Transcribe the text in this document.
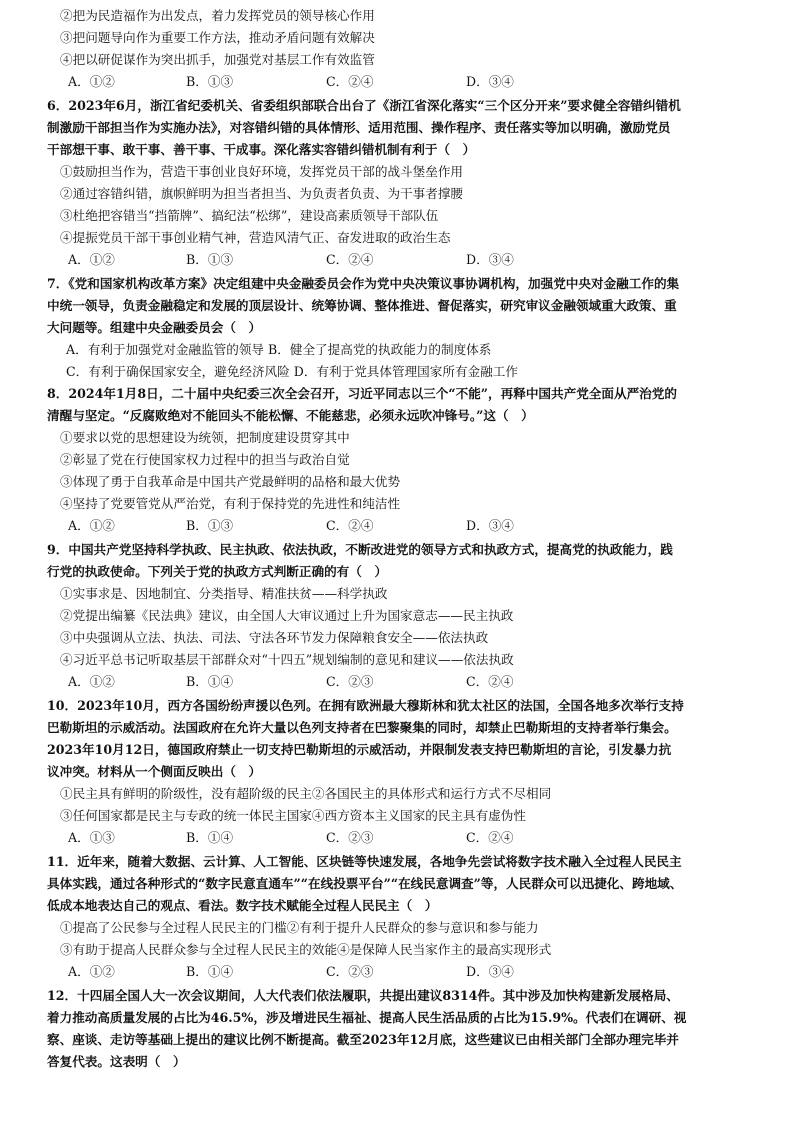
②把为民造福作为出发点，着力发挥党员的领导核心作用
③把问题导向作为重要工作方法，推动矛盾问题有效解决
④把以研促谋作为突出抓手，加强党对基层工作有效监管
A．①②	B．①③	C．②④	D．③④
6．2023年6月，浙江省纪委机关、省委组织部联合出台了《浙江省深化落实“三个区分开来”要求健全容错纠错机
制激励干部担当作为实施办法》，对容错纠错的具体情形、适用范围、操作程序、责任落实等加以明确，激励党员
干部想干事、敢干事、善干事、干成事。深化落实容错纠错机制有利于（　）
①鼓励担当作为，营造干事创业良好环境，发挥党员干部的战斗堡垒作用
②通过容错纠错，旗帜鲜明为担当者担当、为负责者负责、为干事者撑腰
③杜绝把容错当“挡箭牌”、搞纪法“松绑”，建设高素质领导干部队伍
④提振党员干部干事创业精气神，营造风清气正、奋发进取的政治生态
A．①②	B．①③	C．②④	D．③④
7．《党和国家机构改革方案》决定组建中央金融委员会作为党中央决策议事协调机构，加强党中央对金融工作的集
中统一领导，负责金融稳定和发展的顶层设计、统筹协调、整体推进、督促落实，研究审议金融领域重大政策、重
大问题等。组建中央金融委员会（　）
A．有利于加强党对金融监管的领导 B．健全了提高党的执政能力的制度体系
C．有利于确保国家安全，避免经济风险 D．有利于党具体管理国家所有金融工作
8．2024年1月8日，二十届中央纪委三次全会召开，习近平同志以三个“不能”，再释中国共产党全面从严治党的
清醒与坚定。“反腐败绝对不能回头不能松懈、不能慈悲，必须永远吹冲锋号。”这（　）
①要求以党的思想建设为统领，把制度建设贯穿其中
②彰显了党在行使国家权力过程中的担当与政治自觉
③体现了勇于自我革命是中国共产党最鲜明的品格和最大优势
④坚持了党要管党从严治党，有利于保持党的先进性和纯洁性
A．①②	B．①③	C．②④	D．③④
9．中国共产党坚持科学执政、民主执政、依法执政，不断改进党的领导方式和执政方式，提高党的执政能力，践
行党的执政使命。下列关于党的执政方式判断正确的有（　）
①实事求是、因地制宜、分类指导、精准扶贫——科学执政
②党提出编纂《民法典》建议，由全国人大审议通过上升为国家意志——民主执政
③中央强调从立法、执法、司法、守法各环节发力保障粮食安全——依法执政
④习近平总书记听取基层干部群众对“十四五”规划编制的意见和建议——依法执政
A．①②	B．①④	C．②③	C．②④
10．2023年10月，西方各国纷纷声援以色列。在拥有欧洲最大穆斯林和犹太社区的法国，全国各地多次举行支持
巴勒斯坦的示威活动。法国政府在允许大量以色列支持者在巴黎聚集的同时，却禁止巴勒斯坦的支持者举行集会。
2023年10月12日，德国政府禁止一切支持巴勒斯坦的示威活动，并限制发表支持巴勒斯坦的言论，引发暴力抗
议冲突。材料从一个侧面反映出（　）
①民主具有鲜明的阶级性，没有超阶级的民主②各国民主的具体形式和运行方式不尽相同
③任何国家都是民主与专政的统一体民主国家④西方资本主义国家的民主具有虚伪性
A．①③	B．①④	C．②③	C．②④
11．近年来，随着大数据、云计算、人工智能、区块链等快速发展，各地争先尝试将数字技术融入全过程人民民主
具体实践，通过各种形式的“数字民意直通车”“在线投票平台”“在线民意调查”等，人民群众可以迅捷化、跨地域、
低成本地表达自己的观点、看法。数字技术赋能全过程人民民主（　）
①提高了公民参与全过程人民民主的门槛②有利于提升人民群众的参与意识和参与能力
③有助于提高人民群众参与全过程人民民主的效能④是保障人民当家作主的最高实现形式
A．①②	B．①④	C．②③	D．③④
12．十四届全国人大一次会议期间，人大代表们依法履职，共提出建议8314件。其中涉及加快构建新发展格局、
着力推动高质量发展的占比为46.5%，涉及增进民生福祉、提高人民生活品质的占比为15.9%。代表们在调研、视
察、座谈、走访等基础上提出的建议比例不断提高。截至2023年12月底，这些建议已由相关部门全部办理完毕并
答复代表。这表明（　）
